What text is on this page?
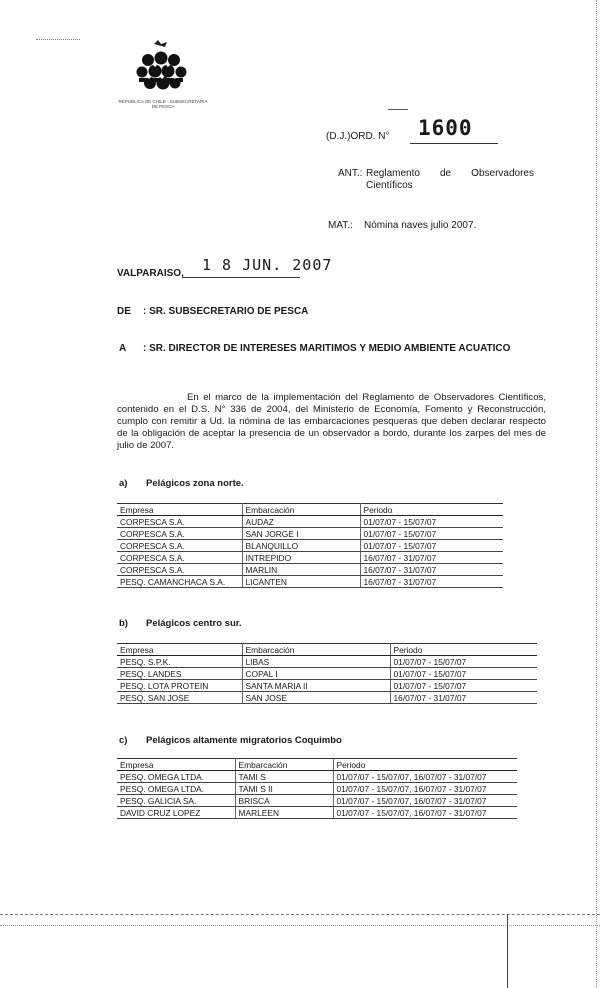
REPUBLICA DE CHILE · SUBSECRETARIA DE PESCA
(D.J.)ORD. N° 1600
ANT.: Reglamento de Observadores
Científicos
MAT.: Nómina naves julio 2007.
VALPARAISO, 1 8 JUN. 2007
DE : SR. SUBSECRETARIO DE PESCA
A : SR. DIRECTOR DE INTERESES MARITIMOS Y MEDIO AMBIENTE ACUATICO
En el marco de la implementación del Reglamento de Observadores Científicos, contenido en el D.S. N° 336 de 2004, del Ministerio de Economía, Fomento y Reconstrucción, cumplo con remitir a Ud. la nómina de las embarcaciones pesqueras que deben declarar respecto de la obligación de aceptar la presencia de un observador a bordo, durante los zarpes del mes de julio de 2007.
a) Pelágicos zona norte.
Empresa	Embarcación	Periodo
CORPESCA S.A.	AUDAZ	01/07/07 - 15/07/07
CORPESCA S.A.	SAN JORGE I	01/07/07 - 15/07/07
CORPESCA S.A.	BLANQUILLO	01/07/07 - 15/07/07
CORPESCA S.A.	INTREPIDO	16/07/07 - 31/07/07
CORPESCA S.A.	MARLIN	16/07/07 - 31/07/07
PESQ. CAMANCHACA S.A.	LICANTEN	16/07/07 - 31/07/07
b) Pelágicos centro sur.
Empresa	Embarcación	Periodo
PESQ. S.P.K.	LIBAS	01/07/07 - 15/07/07
PESQ. LANDES	COPAL I	01/07/07 - 15/07/07
PESQ. LOTA PROTEIN	SANTA MARIA II	01/07/07 - 15/07/07
PESQ. SAN JOSE	SAN JOSE	16/07/07 - 31/07/07
c) Pelágicos altamente migratorios Coquimbo
Empresa	Embarcación	Periodo
PESQ. OMEGA LTDA.	TAMI S	01/07/07 - 15/07/07, 16/07/07 - 31/07/07
PESQ. OMEGA LTDA.	TAMI S II	01/07/07 - 15/07/07, 16/07/07 - 31/07/07
PESQ. GALICIA SA.	BRISCA	01/07/07 - 15/07/07, 16/07/07 - 31/07/07
DAVID CRUZ LOPEZ	MARLEEN	01/07/07 - 15/07/07, 16/07/07 - 31/07/07
